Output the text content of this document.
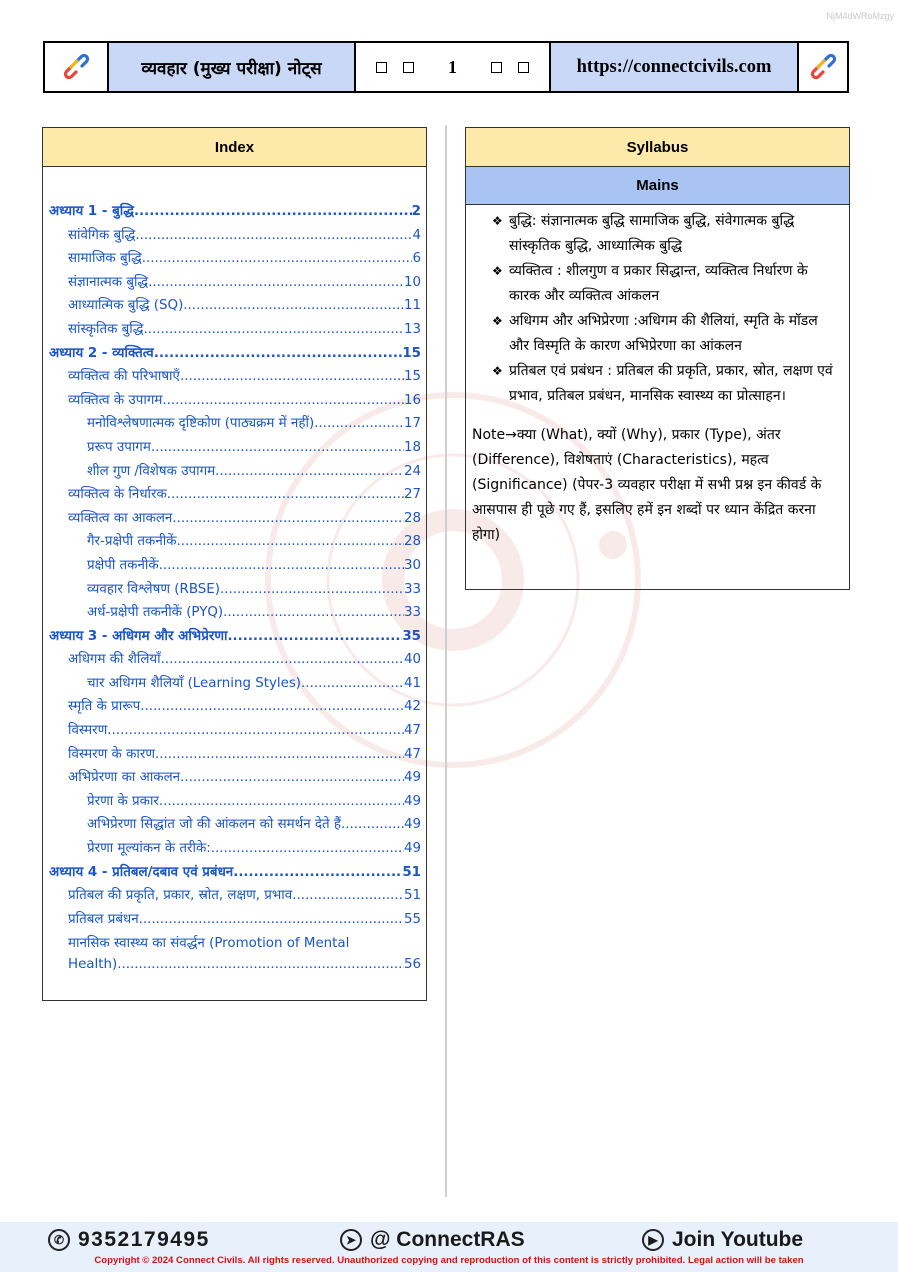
NjM4dWRoMzgy
व्यवहार (मुख्य परीक्षा) नोट्स	1	https://connectcivils.com
Index
अध्याय 1 - बुद्धि .....	2
सांवेगिक बुद्धि .....	4
सामाजिक बुद्धि .....	6
संज्ञानात्मक बुद्धि .....	10
आध्यात्मिक बुद्धि (SQ) .....	11
सांस्कृतिक बुद्धि .....	13
अध्याय 2 - व्यक्तित्व .....	15
व्यक्तित्व की परिभाषाएँ .....	15
व्यक्तित्व के उपागम .....	16
मनोविश्लेषणात्मक दृष्टिकोण (पाठ्यक्रम में नहीं) .....	17
प्ररूप उपागम .....	18
शील गुण /विशेषक उपागम .....	24
व्यक्तित्व के निर्धारक .....	27
व्यक्तित्व का आकलन .....	28
गैर-प्रक्षेपी तकनीकें .....	28
प्रक्षेपी तकनीकें .....	30
व्यवहार विश्लेषण (RBSE) .....	33
अर्ध-प्रक्षेपी तकनीकें (PYQ) .....	33
अध्याय 3 - अधिगम और अभिप्रेरणा .....	35
अधिगम की शैलियाँ .....	40
चार अधिगम शैलियाँ (Learning Styles) .....	41
स्मृति के प्रारूप .....	42
विस्मरण .....	47
विस्मरण के कारण .....	47
अभिप्रेरणा का आकलन .....	49
प्रेरणा के प्रकार .....	49
अभिप्रेरणा सिद्धांत जो की आंकलन को समर्थन देते हैं .....	49
प्रेरणा मूल्यांकन के तरीके: .....	49
अध्याय 4 - प्रतिबल/दबाव एवं प्रबंधन .....	51
प्रतिबल की प्रकृति, प्रकार, स्रोत, लक्षण, प्रभाव .....	51
प्रतिबल प्रबंधन .....	55
मानसिक स्वास्थ्य का संवर्द्धन (Promotion of Mental
Health) .....	56
Syllabus
Mains
❖ बुद्धि: संज्ञानात्मक बुद्धि सामाजिक बुद्धि, संवेगात्मक बुद्धि सांस्कृतिक बुद्धि, आध्यात्मिक बुद्धि
❖ व्यक्तित्व : शीलगुण व प्रकार सिद्धान्त, व्यक्तित्व निर्धारण के कारक और व्यक्तित्व आंकलन
❖ अधिगम और अभिप्रेरणा :अधिगम की शैलियां, स्मृति के मॉडल और विस्मृति के कारण अभिप्रेरणा का आंकलन
❖ प्रतिबल एवं प्रबंधन : प्रतिबल की प्रकृति, प्रकार, स्रोत, लक्षण एवं प्रभाव, प्रतिबल प्रबंधन, मानसिक स्वास्थ्य का प्रोत्साहन।
Note→क्या (What), क्यों (Why), प्रकार (Type), अंतर (Difference), विशेषताएं (Characteristics), महत्व (Significance) (पेपर-3 व्यवहार परीक्षा में सभी प्रश्न इन कीवर्ड के आसपास ही पूछे गए हैं, इसलिए हमें इन शब्दों पर ध्यान केंद्रित करना होगा)
✆ 9352179495	➤ @ ConnectRAS	▶ Join Youtube
Copyright © 2024 Connect Civils. All rights reserved. Unauthorized copying and reproduction of this content is strictly prohibited. Legal action will be taken
